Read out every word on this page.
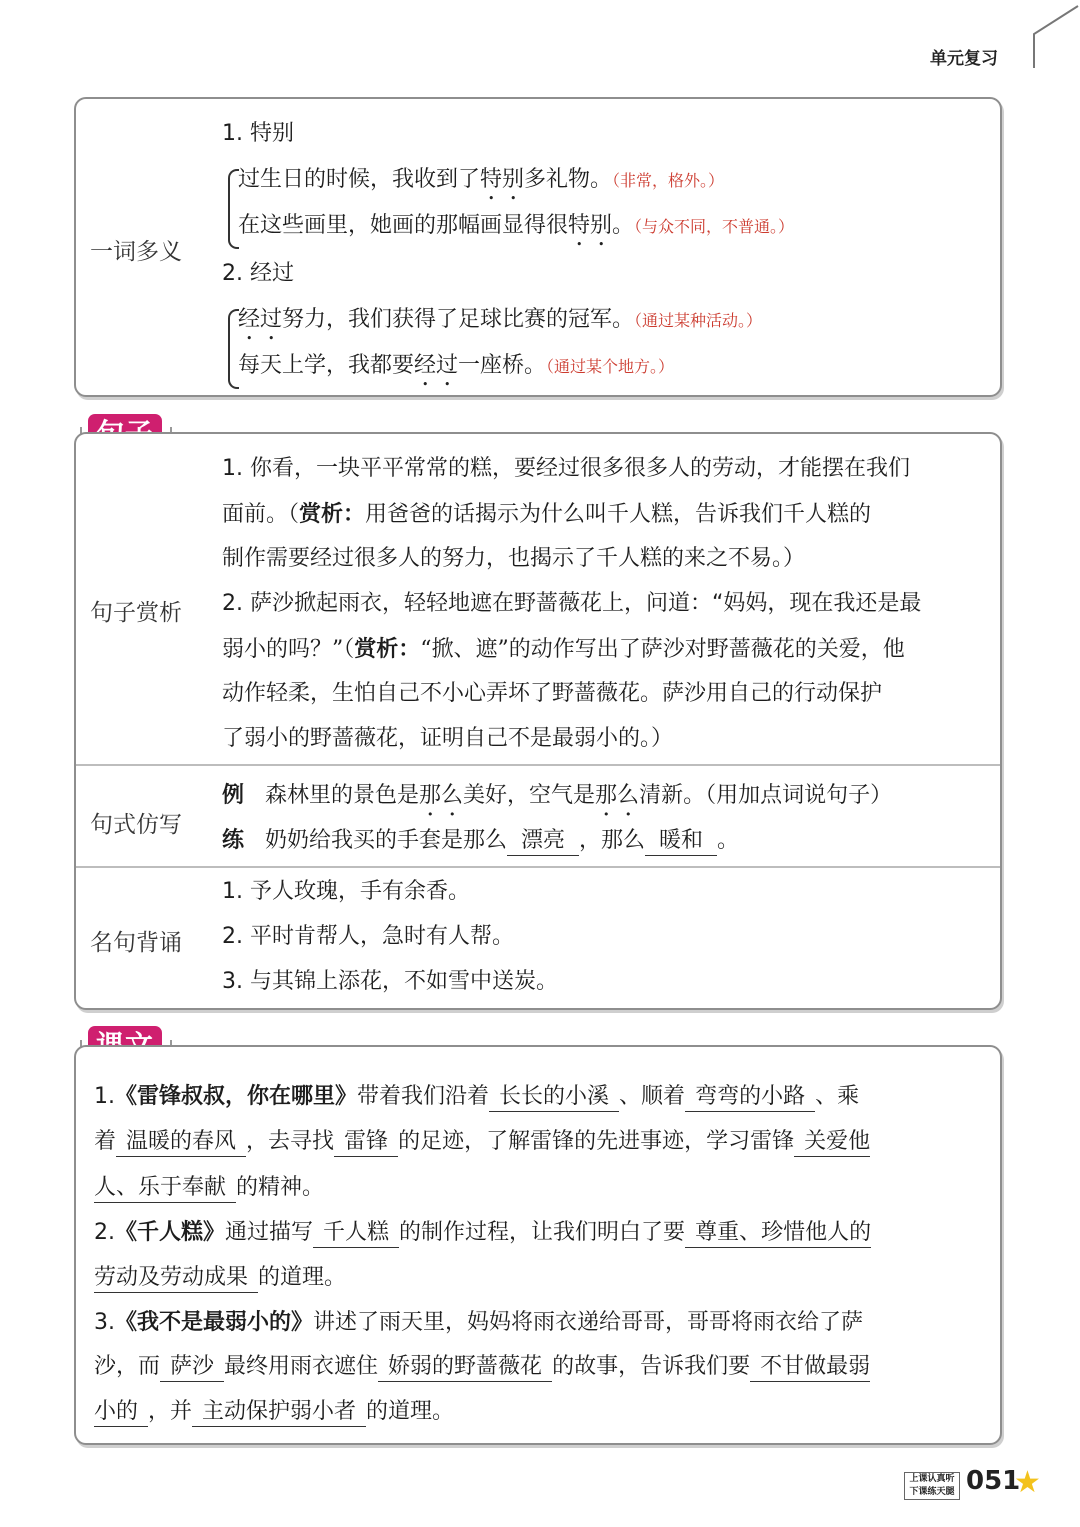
单元复习
一词多义
1. 特别
过生日的时候，我收到了特别多礼物。（非常，格外。）
在这些画里，她画的那幅画显得很特别。（与众不同，不普通。）
2. 经过
经过努力，我们获得了足球比赛的冠军。（通过某种活动。）
每天上学，我都要经过一座桥。（通过某个地方。）
句子赏析
1. 你看，一块平平常常的糕，要经过很多很多人的劳动，才能摆在我们
面前。（赏析：用爸爸的话揭示为什么叫千人糕，告诉我们千人糕的
制作需要经过很多人的努力，也揭示了千人糕的来之不易。）
2. 萨沙掀起雨衣，轻轻地遮在野蔷薇花上，问道：“妈妈，现在我还是最
弱小的吗？”（赏析：“掀、遮”的动作写出了萨沙对野蔷薇花的关爱，他
动作轻柔，生怕自己不小心弄坏了野蔷薇花。萨沙用自己的行动保护
了弱小的野蔷薇花，证明自己不是最弱小的。）
句式仿写
例 森林里的景色是那么美好，空气是那么清新。（用加点词说句子）
练 奶奶给我买的手套是那么 漂亮 ，那么 暖和 。
名句背诵
1. 予人玫瑰，手有余香。
2. 平时肯帮人，急时有人帮。
3. 与其锦上添花，不如雪中送炭。
1.《雷锋叔叔，你在哪里》带着我们沿着 长长的小溪 、顺着 弯弯的小路 、乘
着 温暖的春风 ，去寻找 雷锋 的足迹，了解雷锋的先进事迹，学习雷锋 关爱他
人、乐于奉献 的精神。
2.《千人糕》通过描写 千人糕 的制作过程，让我们明白了要 尊重、珍惜他人的
劳动及劳动成果 的道理。
3.《我不是最弱小的》讲述了雨天里，妈妈将雨衣递给哥哥，哥哥将雨衣给了萨
沙，而 萨沙 最终用雨衣遮住 娇弱的野蔷薇花 的故事，告诉我们要 不甘做最弱
小的 ，并 主动保护弱小者 的道理。
上课认真听
下课练天腿 051
★
